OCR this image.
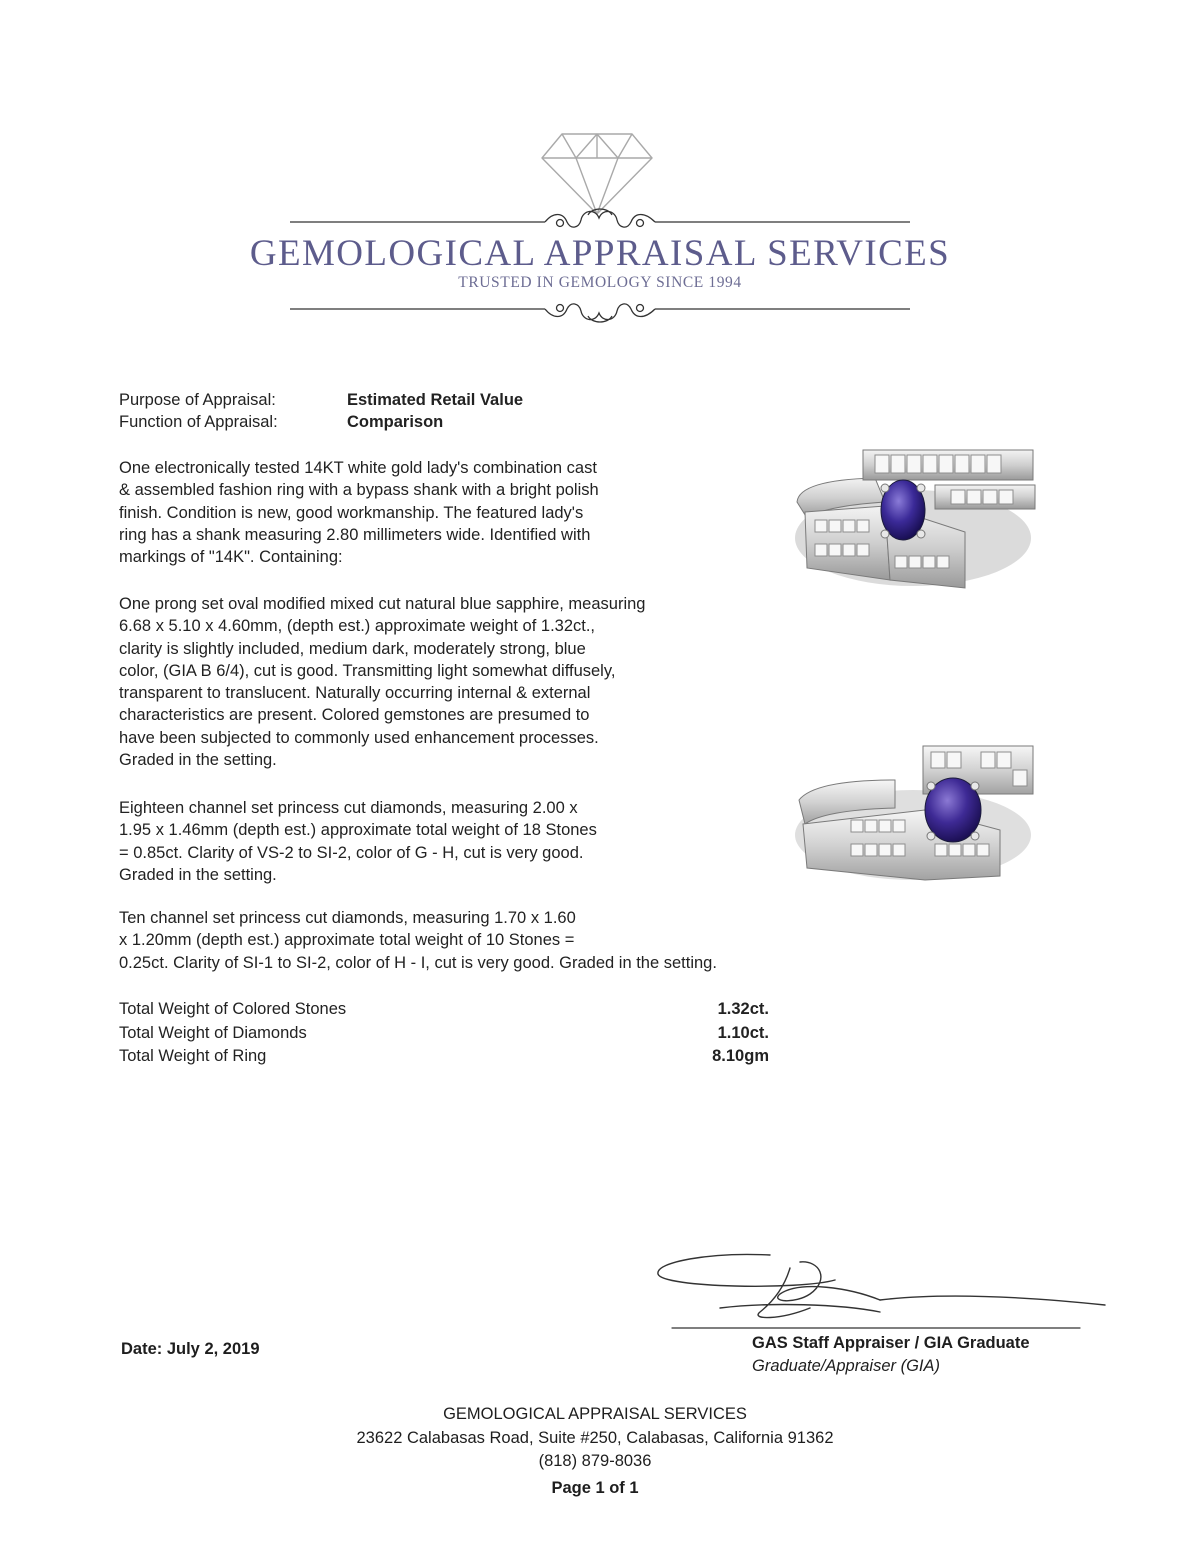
GEMOLOGICAL APPRAISAL SERVICES
TRUSTED IN GEMOLOGY SINCE 1994
Purpose of Appraisal:	Estimated Retail Value
Function of Appraisal:	Comparison
One electronically tested 14KT white gold lady's combination cast
& assembled fashion ring with a bypass shank with a bright polish
finish. Condition is new, good workmanship. The featured lady's
ring has a shank measuring 2.80 millimeters wide. Identified with
markings of "14K". Containing:
One prong set oval modified mixed cut natural blue sapphire, measuring
6.68 x 5.10 x 4.60mm, (depth est.) approximate weight of 1.32ct.,
clarity is slightly included, medium dark, moderately strong, blue
color, (GIA B 6/4), cut is good. Transmitting light somewhat diffusely,
transparent to translucent. Naturally occurring internal & external
characteristics are present. Colored gemstones are presumed to
have been subjected to commonly used enhancement processes.
Graded in the setting.
Eighteen channel set princess cut diamonds, measuring 2.00 x
1.95 x 1.46mm (depth est.) approximate total weight of 18 Stones
= 0.85ct. Clarity of VS-2 to SI-2, color of G - H, cut is very good.
Graded in the setting.
Ten channel set princess cut diamonds, measuring 1.70 x 1.60
x 1.20mm (depth est.) approximate total weight of 10 Stones =
0.25ct. Clarity of SI-1 to SI-2, color of H - I, cut is very good. Graded in the setting.
Total Weight of Colored Stones	1.32ct.
Total Weight of Diamonds	1.10ct.
Total Weight of Ring	8.10gm
Date: July 2, 2019	GAS Staff Appraiser / GIA Graduate
Graduate/Appraiser (GIA)
GEMOLOGICAL APPRAISAL SERVICES
23622 Calabasas Road, Suite #250, Calabasas, California 91362
(818) 879-8036
Page 1 of 1
